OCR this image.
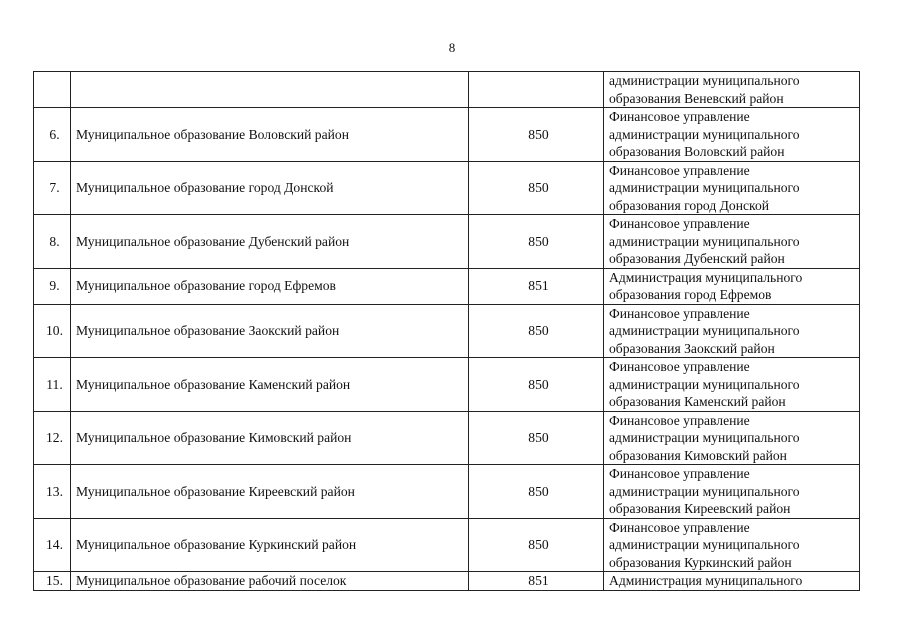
8

			администрации муниципального
образования Веневский район

6.	Муниципальное образование Воловский район	850	Финансовое управление
администрации муниципального
образования Воловский район

7.	Муниципальное образование город Донской	850	Финансовое управление
администрации муниципального
образования город Донской

8.	Муниципальное образование Дубенский район	850	Финансовое управление
администрации муниципального
образования Дубенский район

9.	Муниципальное образование город Ефремов	851	Администрация муниципального
образования город Ефремов

10.	Муниципальное образование Заокский район	850	Финансовое управление
администрации муниципального
образования Заокский район

11.	Муниципальное образование Каменский район	850	Финансовое управление
администрации муниципального
образования Каменский район

12.	Муниципальное образование Кимовский район	850	Финансовое управление
администрации муниципального
образования Кимовский район

13.	Муниципальное образование Киреевский район	850	Финансовое управление
администрации муниципального
образования Киреевский район

14.	Муниципальное образование Куркинский район	850	Финансовое управление
администрации муниципального
образования Куркинский район

15.	Муниципальное образование рабочий поселок	851	Администрация муниципального
